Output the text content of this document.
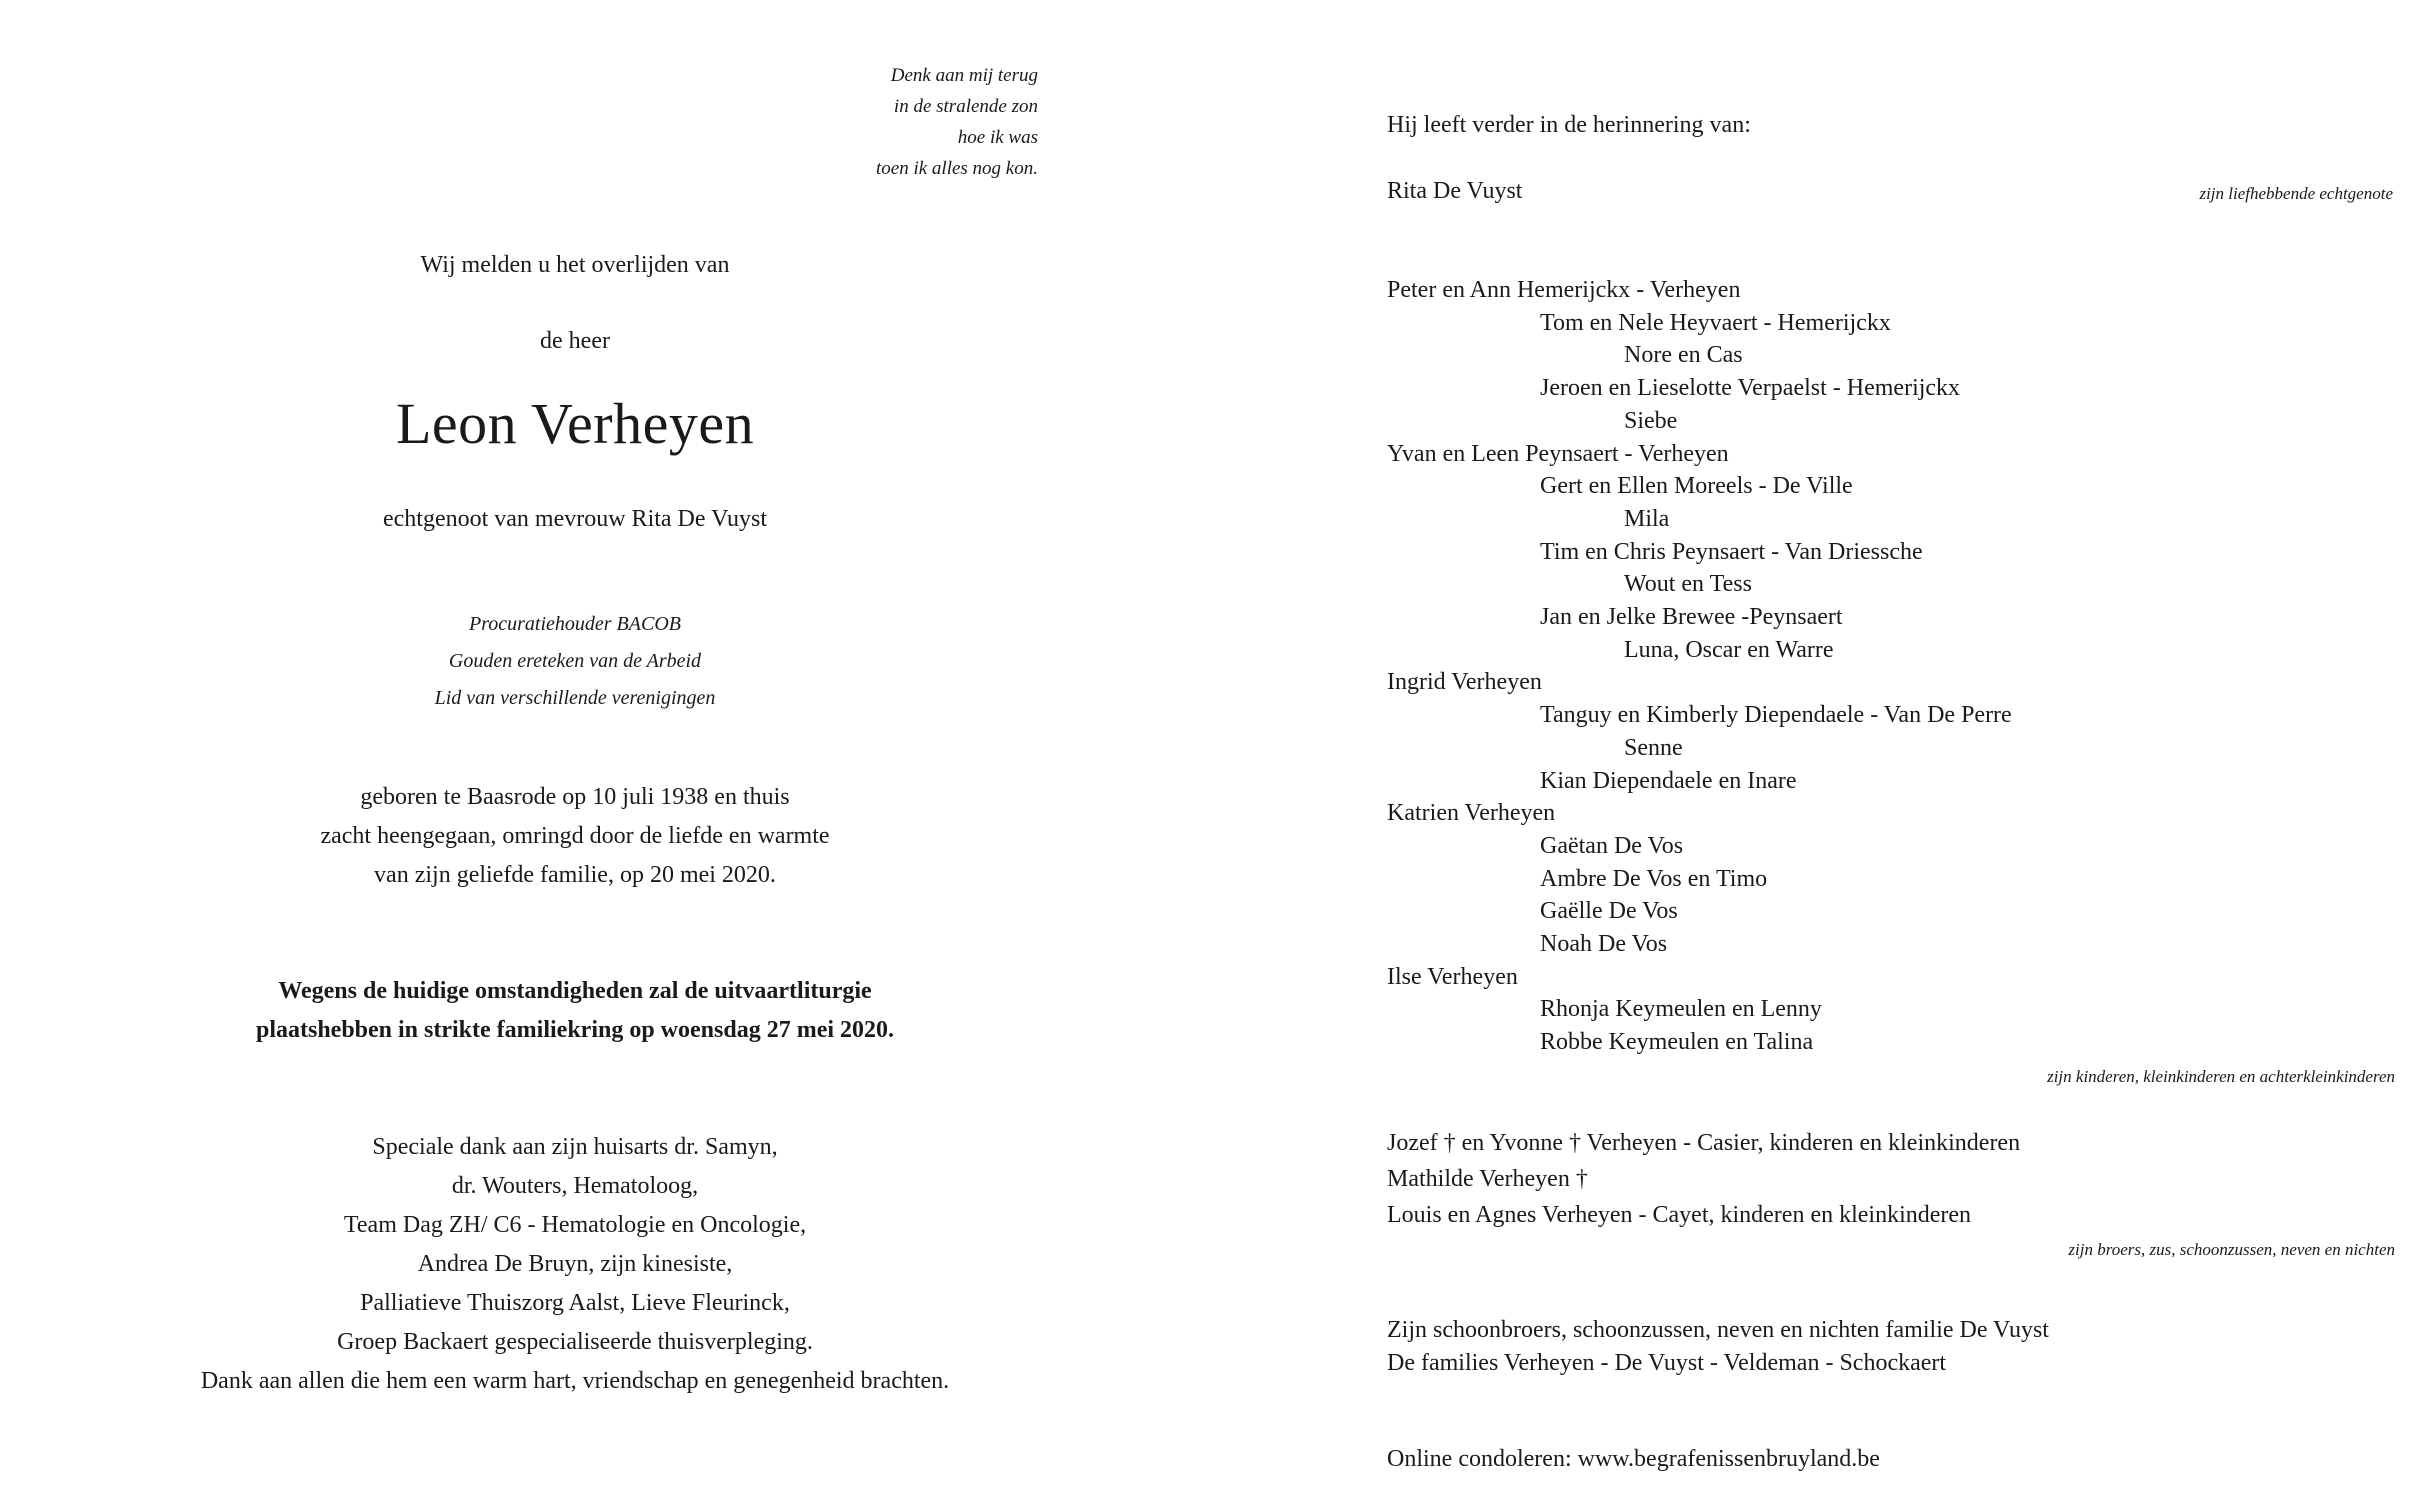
Denk aan mij terug
in de stralende zon
hoe ik was
toen ik alles nog kon.
Wij melden u het overlijden van
de heer
Leon Verheyen
echtgenoot van mevrouw Rita De Vuyst
Procuratiehouder BACOB
Gouden ereteken van de Arbeid
Lid van verschillende verenigingen
geboren te Baasrode op 10 juli 1938 en thuis
zacht heengegaan, omringd door de liefde en warmte
van zijn geliefde familie, op 20 mei 2020.
Wegens de huidige omstandigheden zal de uitvaartliturgie
plaatshebben in strikte familiekring op woensdag 27 mei 2020.
Speciale dank aan zijn huisarts dr. Samyn,
dr. Wouters, Hematoloog,
Team Dag ZH/ C6 - Hematologie en Oncologie,
Andrea De Bruyn, zijn kinesiste,
Palliatieve Thuiszorg Aalst, Lieve Fleurinck,
Groep Backaert gespecialiseerde thuisverpleging.
Dank aan allen die hem een warm hart, vriendschap en genegenheid brachten.
Hij leeft verder in de herinnering van:
Rita De Vuyst	zijn liefhebbende echtgenote
Peter en Ann Hemerijckx - Verheyen
Tom en Nele Heyvaert - Hemerijckx
Nore en Cas
Jeroen en Lieselotte Verpaelst - Hemerijckx
Siebe
Yvan en Leen Peynsaert - Verheyen
Gert en Ellen Moreels - De Ville
Mila
Tim en Chris Peynsaert - Van Driessche
Wout en Tess
Jan en Jelke Brewee -Peynsaert
Luna, Oscar en Warre
Ingrid Verheyen
Tanguy en Kimberly Diependaele - Van De Perre
Senne
Kian Diependaele en Inare
Katrien Verheyen
Gaëtan De Vos
Ambre De Vos en Timo
Gaëlle De Vos
Noah De Vos
Ilse Verheyen
Rhonja Keymeulen en Lenny
Robbe Keymeulen en Talina
zijn kinderen, kleinkinderen en achterkleinkinderen
Jozef † en Yvonne † Verheyen - Casier, kinderen en kleinkinderen
Mathilde Verheyen †
Louis en Agnes Verheyen - Cayet, kinderen en kleinkinderen
zijn broers, zus, schoonzussen, neven en nichten
Zijn schoonbroers, schoonzussen, neven en nichten familie De Vuyst
De families Verheyen - De Vuyst - Veldeman - Schockaert
Online condoleren: www.begrafenissenbruyland.be
